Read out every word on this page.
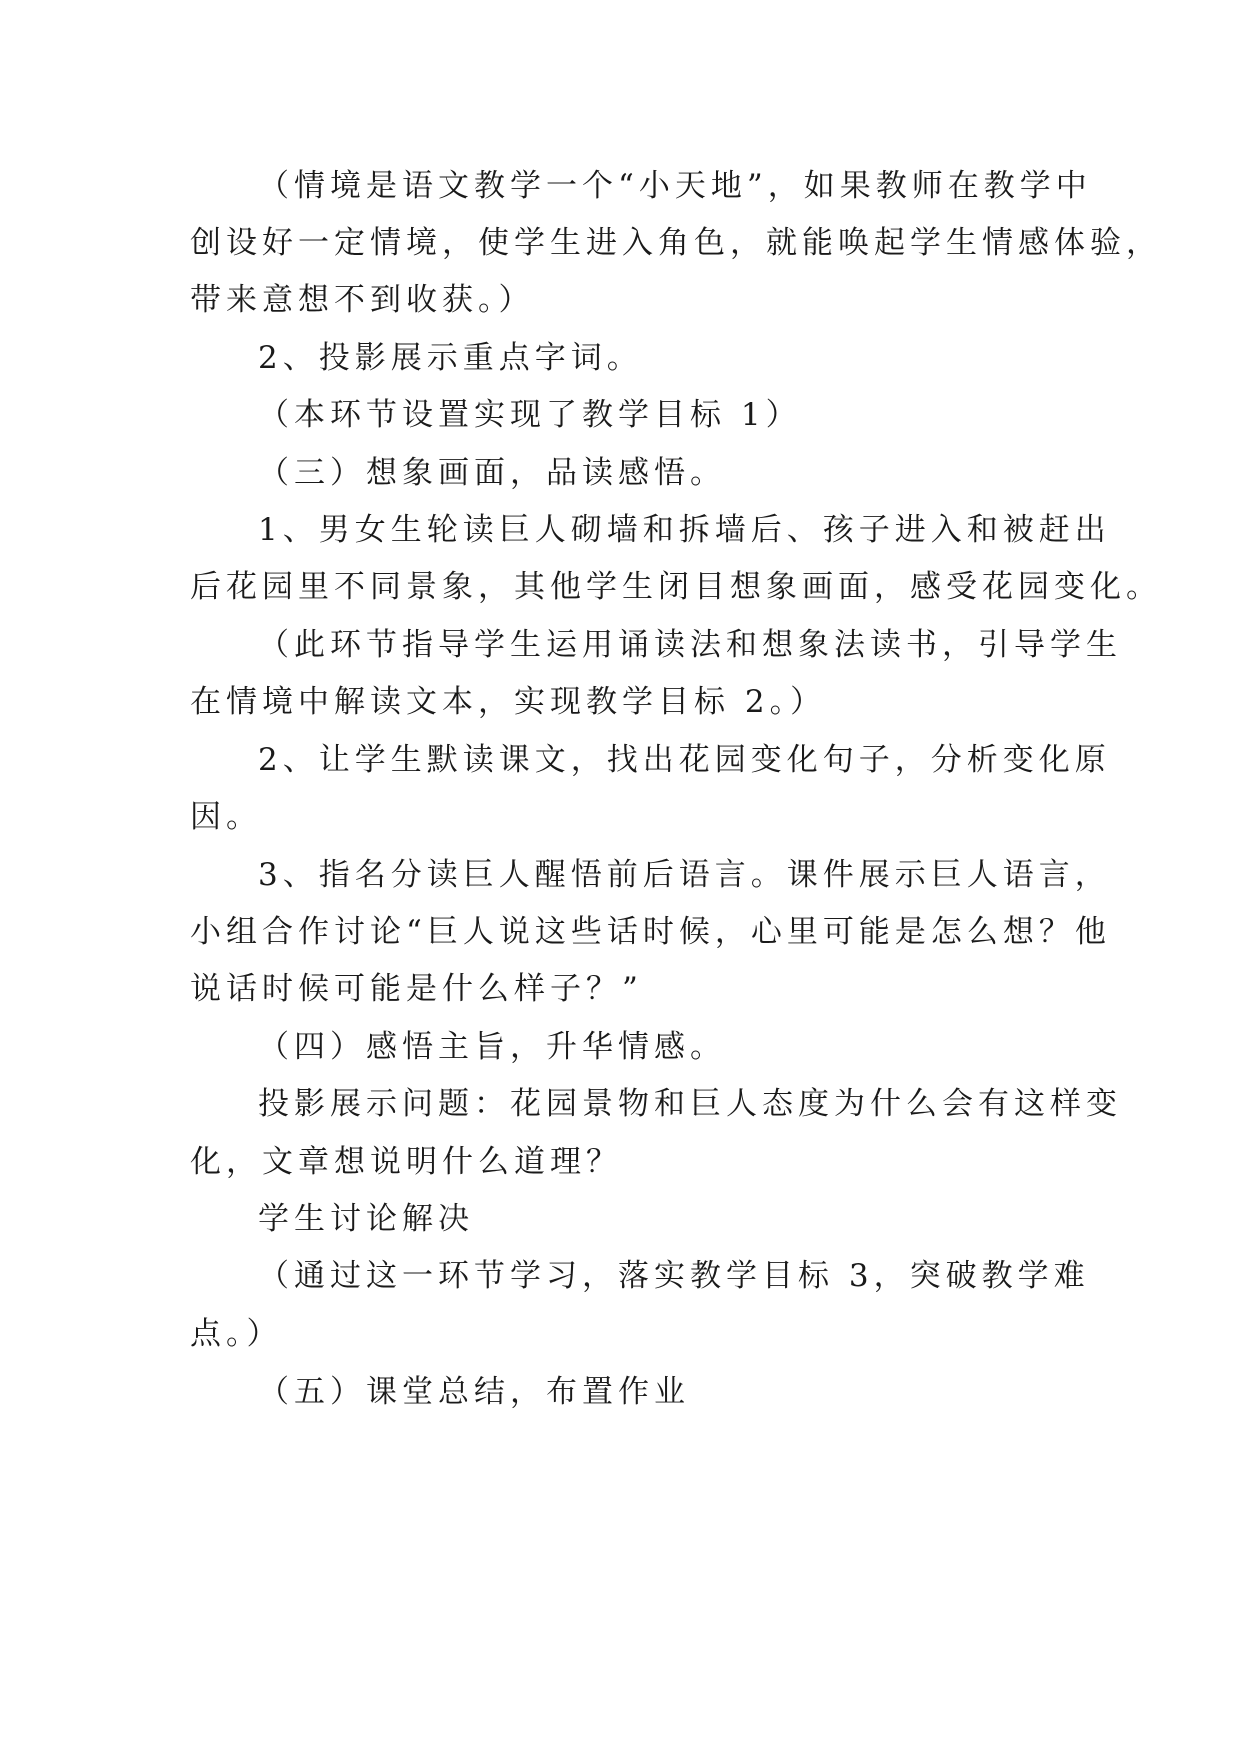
（情境是语文教学一个“小天地”，如果教师在教学中
创设好一定情境，使学生进入角色，就能唤起学生情感体验，
带来意想不到收获。）
2、投影展示重点字词。
（本环节设置实现了教学目标 1）
（三）想象画面，品读感悟。
1、男女生轮读巨人砌墙和拆墙后、孩子进入和被赶出
后花园里不同景象，其他学生闭目想象画面，感受花园变化。
（此环节指导学生运用诵读法和想象法读书，引导学生
在情境中解读文本，实现教学目标 2。）
2、让学生默读课文，找出花园变化句子，分析变化原
因。
3、指名分读巨人醒悟前后语言。课件展示巨人语言，
小组合作讨论“巨人说这些话时候，心里可能是怎么想？他
说话时候可能是什么样子？”
（四）感悟主旨，升华情感。
投影展示问题：花园景物和巨人态度为什么会有这样变
化，文章想说明什么道理？
学生讨论解决
（通过这一环节学习，落实教学目标 3，突破教学难
点。）
（五）课堂总结，布置作业
